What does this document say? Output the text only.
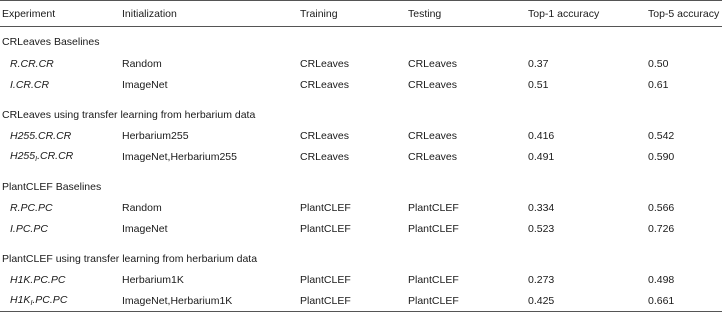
Experiment	Initialization	Training	Testing	Top-1 accuracy	Top-5 accuracy
CRLeaves Baselines					
R.CR.CR	Random	CRLeaves	CRLeaves	0.37	0.50
I.CR.CR	ImageNet	CRLeaves	CRLeaves	0.51	0.61
CRLeaves using transfer learning from herbarium data					
H255.CR.CR	Herbarium255	CRLeaves	CRLeaves	0.416	0.542
$H255_I.CR.CR$	ImageNet,Herbarium255	CRLeaves	CRLeaves	0.491	0.590
PlantCLEF Baselines					
R.PC.PC	Random	PlantCLEF	PlantCLEF	0.334	0.566
I.PC.PC	ImageNet	PlantCLEF	PlantCLEF	0.523	0.726
PlantCLEF using transfer learning from herbarium data					
H1K.PC.PC	Herbarium1K	PlantCLEF	PlantCLEF	0.273	0.498
$H1K_I.PC.PC$	ImageNet,Herbarium1K	PlantCLEF	PlantCLEF	0.425	0.661
